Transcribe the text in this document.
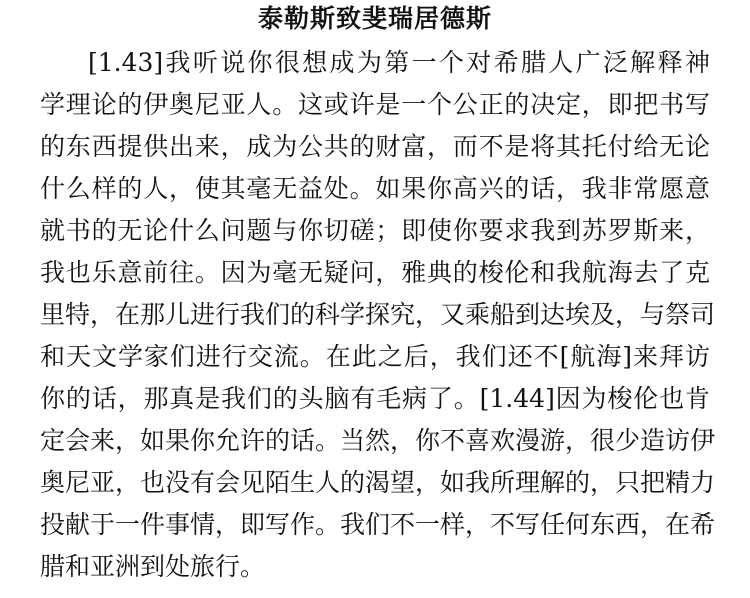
泰勒斯致斐瑞居德斯
[1.43]我听说你很想成为第一个对希腊人广泛解释神
学理论的伊奥尼亚人。这或许是一个公正的决定，即把书写
的东西提供出来，成为公共的财富，而不是将其托付给无论
什么样的人，使其毫无益处。如果你高兴的话，我非常愿意
就书的无论什么问题与你切磋；即使你要求我到苏罗斯来，
我也乐意前往。因为毫无疑问，雅典的梭伦和我航海去了克
里特，在那儿进行我们的科学探究，又乘船到达埃及，与祭司
和天文学家们进行交流。在此之后，我们还不[航海]来拜访
你的话，那真是我们的头脑有毛病了。[1.44]因为梭伦也肯
定会来，如果你允许的话。当然，你不喜欢漫游，很少造访伊
奥尼亚，也没有会见陌生人的渴望，如我所理解的，只把精力
投献于一件事情，即写作。我们不一样，不写任何东西，在希
腊和亚洲到处旅行。
